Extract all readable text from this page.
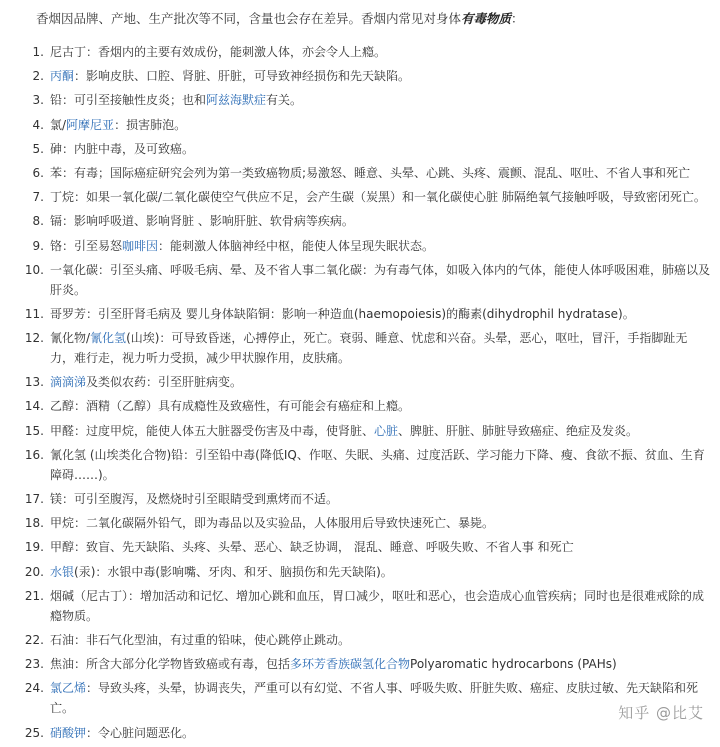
香烟因品牌、产地、生产批次等不同，含量也会存在差异。香烟内常见对身体有毒物质：
1. 尼古丁：香烟内的主要有效成份，能刺激人体，亦会令人上瘾。
2. 丙酮：影响皮肤、口腔、肾脏、肝脏，可导致神经损伤和先天缺陷。
3. 铅：可引至接触性皮炎；也和阿兹海默症有关。
4. 氯/阿摩尼亚：损害肺泡。
5. 砷：内脏中毒，及可致癌。
6. 苯：有毒；国际癌症研究会列为第一类致癌物质;易激怒、睡意、头晕、心跳、头疼、震颤、混乱、呕吐、不省人事和死亡
7. 丁烷：如果一氧化碳/二氧化碳使空气供应不足，会产生碳（炭黑）和一氧化碳使心脏 肺隔绝氧气接触呼吸，导致密闭死亡。
8. 镉：影响呼吸道、影响肾脏 、影响肝脏、软骨病等疾病。
9. 铬：引至易怒咖啡因：能刺激人体脑神经中枢，能使人体呈现失眠状态。
10. 一氧化碳：引至头痛、呼吸毛病、晕、及不省人事二氧化碳：为有毒气体，如吸入体内的气体，能使人体呼吸困难，肺癌以及肝炎。
11. 哥罗芳：引至肝肾毛病及 婴儿身体缺陷铜：影响一种造血(haemopoiesis)的酶素(dihydrophil hydratase)。
12. 氰化物/氰化氢(山埃)：可导致昏迷，心搏停止，死亡。衰弱、睡意、忧虑和兴奋。头晕，恶心，呕吐，冒汗，手指脚趾无力，难行走，视力听力受损，减少甲状腺作用，皮肤痛。
13. 滴滴涕及类似农药：引至肝脏病变。
14. 乙醇：酒精（乙醇）具有成瘾性及致癌性，有可能会有癌症和上瘾。
15. 甲醛：过度甲烷，能使人体五大脏器受伤害及中毒，使肾脏、心脏、脾脏、肝脏、肺脏导致癌症、绝症及发炎。
16. 氰化氢 (山埃类化合物)铅：引至铅中毒(降低IQ、作呕、失眠、头痛、过度活跃、学习能力下降、瘦、食欲不振、贫血、生育障碍……)。
17. 镁：可引至腹泻，及燃烧时引至眼睛受到熏烤而不适。
18. 甲烷：二氧化碳隔外铅气，即为毒品以及实验品，人体服用后导致快速死亡、暴毙。
19. 甲醇：致盲、先天缺陷、头疼、头晕、恶心、缺乏协调， 混乱、睡意、呼吸失败、不省人事 和死亡
20. 水银(汞)：水银中毒(影响嘴、牙肉、和牙、脑损伤和先天缺陷)。
21. 烟碱（尼古丁）：增加活动和记忆、增加心跳和血压，胃口减少，呕吐和恶心，也会造成心血管疾病；同时也是很难戒除的成瘾物质。
22. 石油：非石气化型油，有过重的铅味，使心跳停止跳动。
23. 焦油：所含大部分化学物皆致癌或有毒，包括多环芳香族碳氢化合物Polyaromatic hydrocarbons (PAHs)
24. 氯乙烯：导致头疼，头晕，协调丧失，严重可以有幻觉、不省人事、呼吸失败、肝脏失败、癌症、皮肤过敏、先天缺陷和死亡。
25. 硝酸钾：令心脏问题恶化。
知乎 @比艾
